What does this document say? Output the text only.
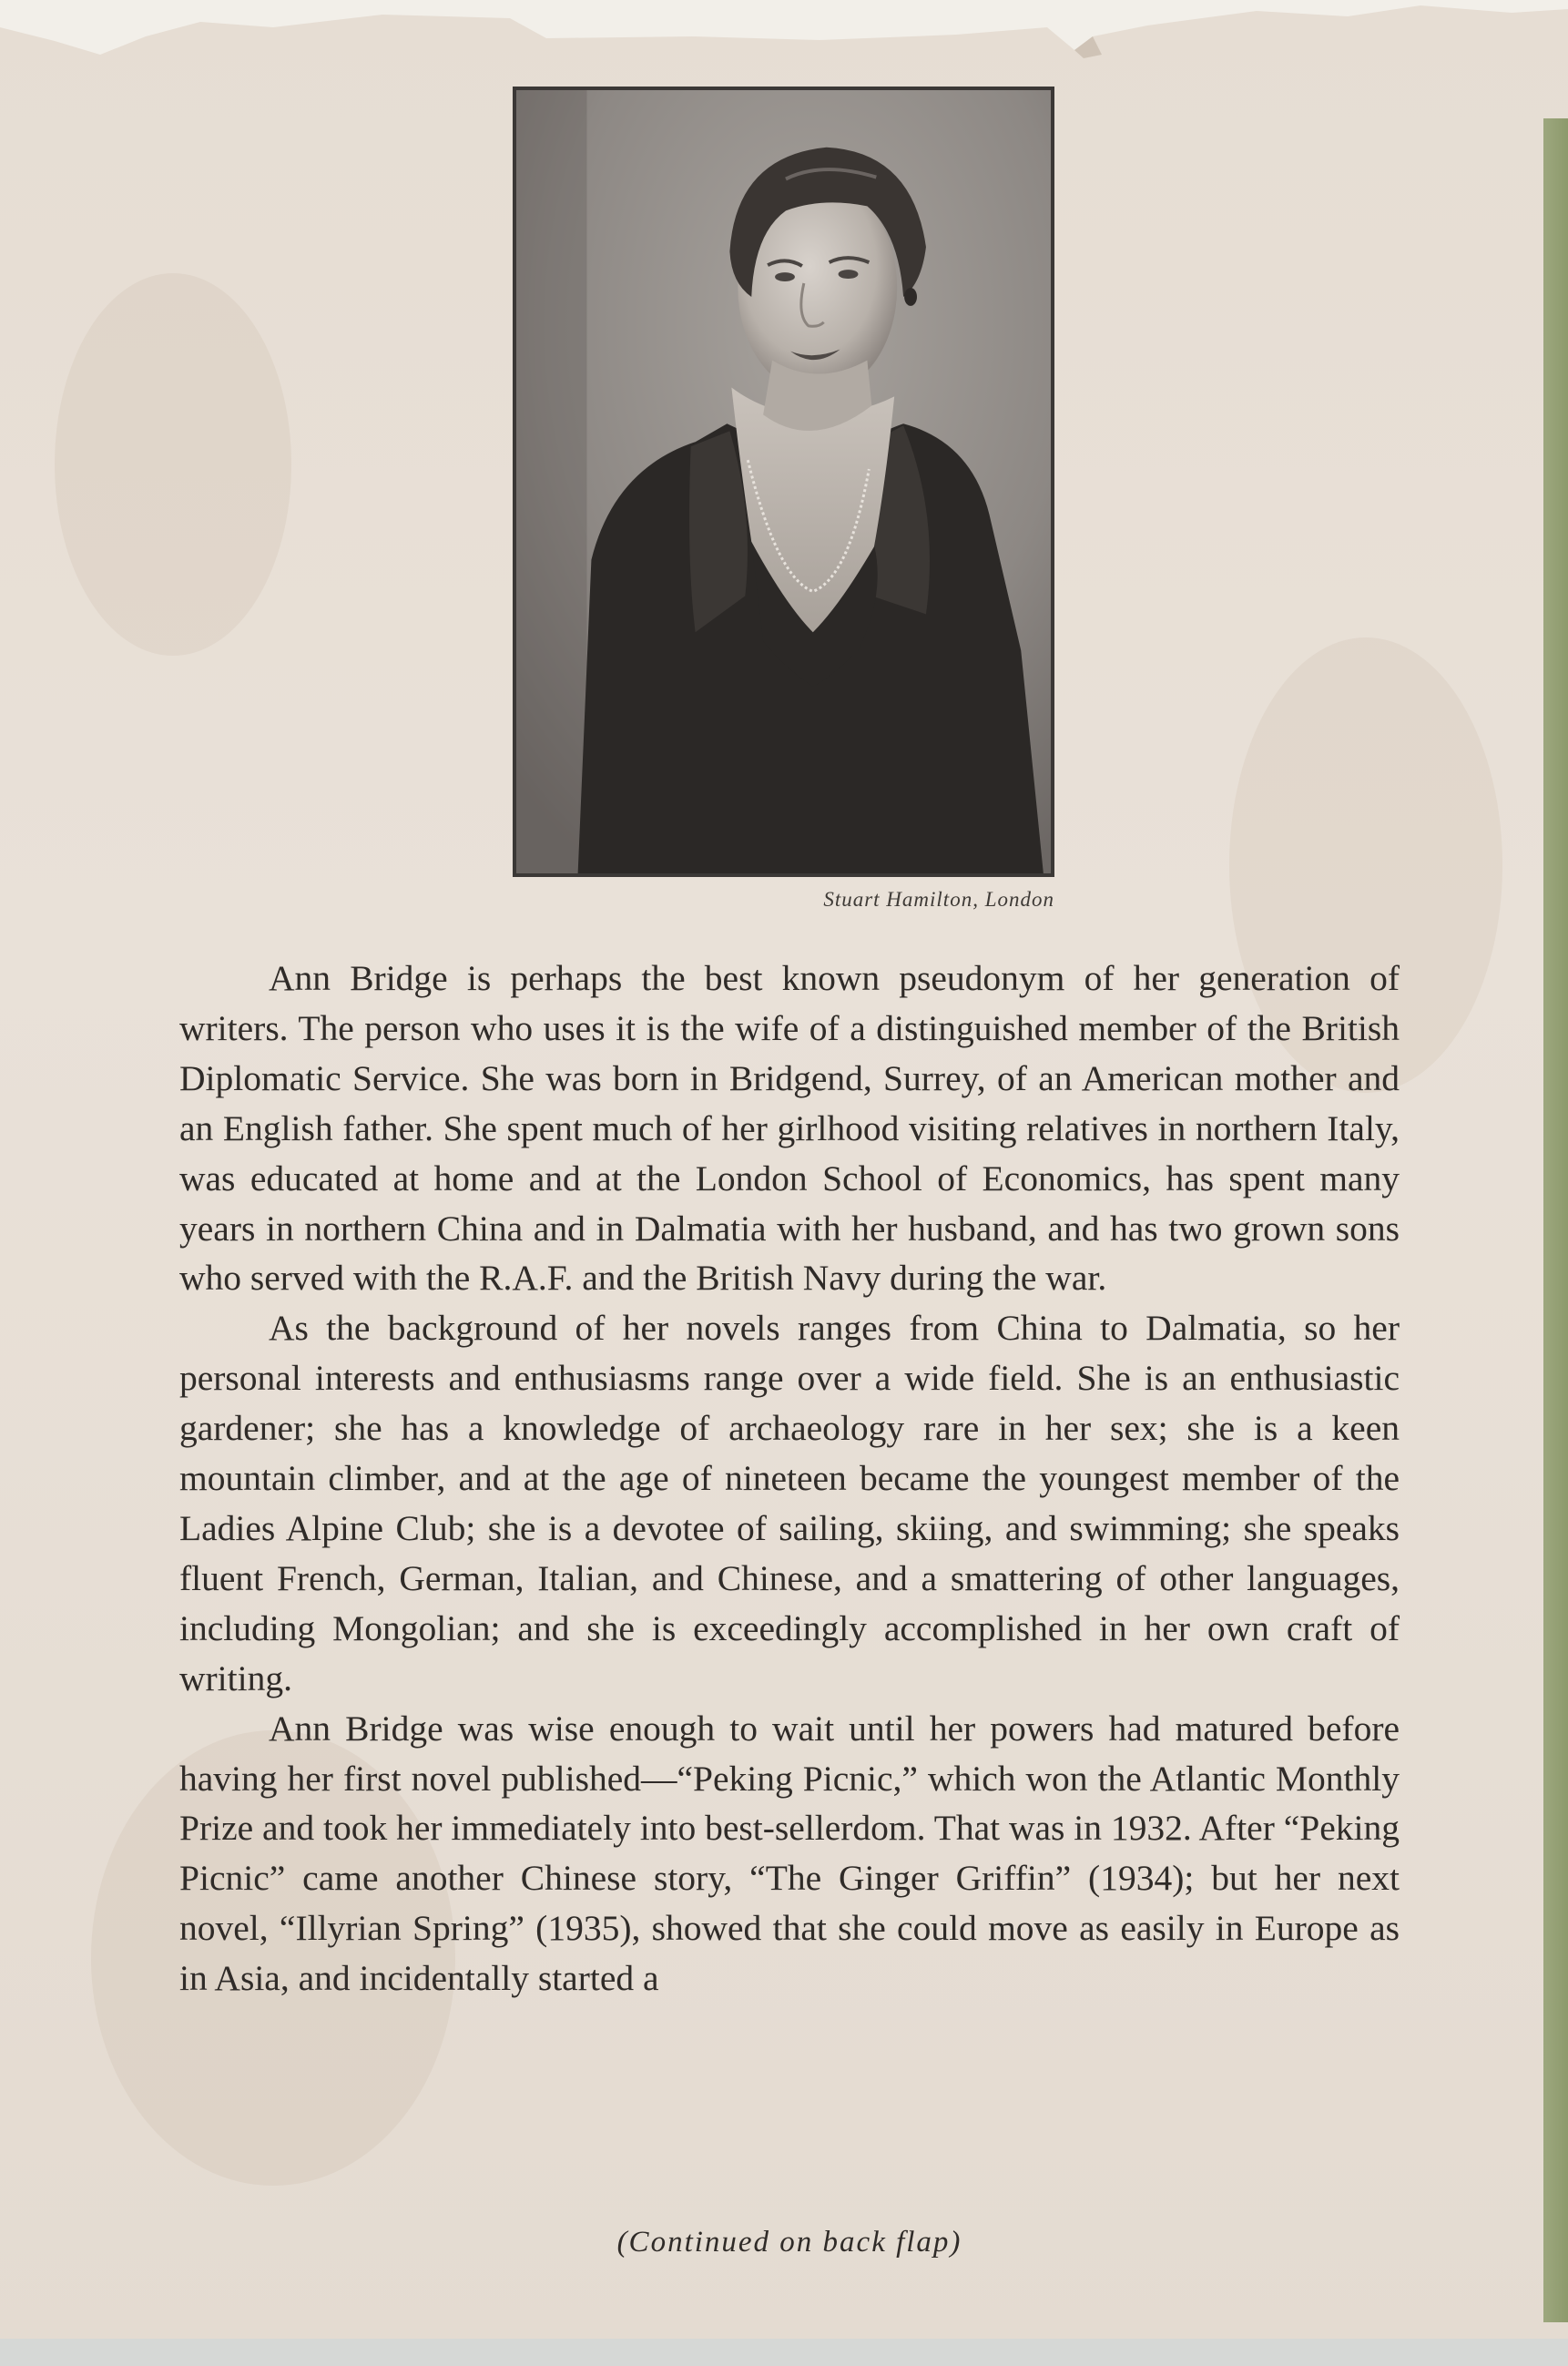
Stuart Hamilton, London

Ann Bridge is perhaps the best known pseudonym of her generation of writers. The person who uses it is the wife of a distinguished member of the British Diplomatic Service. She was born in Bridgend, Surrey, of an American mother and an English father. She spent much of her girlhood visiting relatives in northern Italy, was educated at home and at the London School of Economics, has spent many years in northern China and in Dalmatia with her husband, and has two grown sons who served with the R.A.F. and the British Navy during the war.

As the background of her novels ranges from China to Dalmatia, so her personal interests and enthusiasms range over a wide field. She is an enthusiastic gardener; she has a knowledge of archaeology rare in her sex; she is a keen mountain climber, and at the age of nineteen became the youngest member of the Ladies Alpine Club; she is a devotee of sailing, skiing, and swimming; she speaks fluent French, German, Italian, and Chinese, and a smattering of other languages, including Mongolian; and she is exceedingly accomplished in her own craft of writing.

Ann Bridge was wise enough to wait until her powers had matured before having her first novel published—“Peking Picnic,” which won the Atlantic Monthly Prize and took her immediately into best-sellerdom. That was in 1932. After “Peking Picnic” came another Chinese story, “The Ginger Griffin” (1934); but her next novel, “Illyrian Spring” (1935), showed that she could move as easily in Europe as in Asia, and incidentally started a

(Continued on back flap)
